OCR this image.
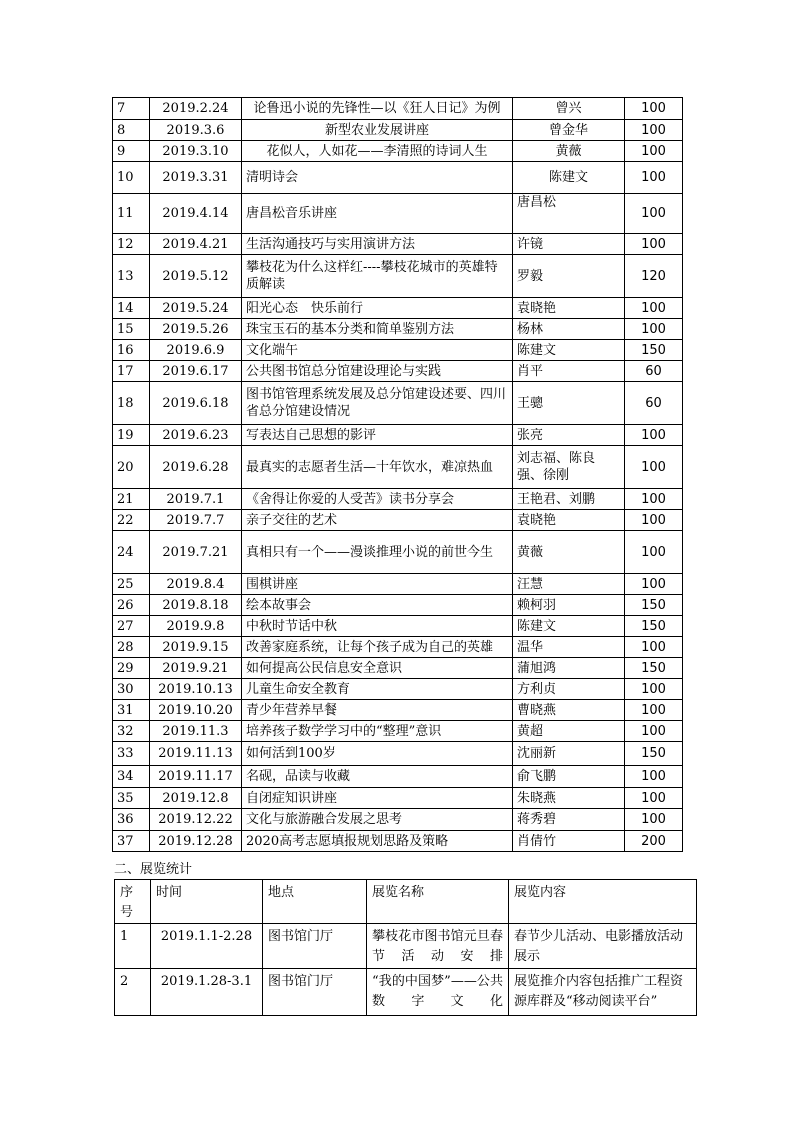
7	2019.2.24	论鲁迅小说的先锋性—以《狂人日记》为例	曾兴	100
8	2019.3.6	新型农业发展讲座	曾金华	100
9	2019.3.10	花似人，人如花——李清照的诗词人生	黄薇	100
10	2019.3.31	清明诗会	陈建文	100
11	2019.4.14	唐昌松音乐讲座	唐昌松	100
12	2019.4.21	生活沟通技巧与实用演讲方法	许镜	100
13	2019.5.12	攀枝花为什么这样红----攀枝花城市的英雄特质解读	罗毅	120
14	2019.5.24	阳光心态　快乐前行	袁晓艳	100
15	2019.5.26	珠宝玉石的基本分类和简单鉴别方法	杨林	100
16	2019.6.9	文化端午	陈建文	150
17	2019.6.17	公共图书馆总分馆建设理论与实践	肖平	60
18	2019.6.18	图书馆管理系统发展及总分馆建设述要、四川省总分馆建设情况	王骢	60
19	2019.6.23	写表达自己思想的影评	张亮	100
20	2019.6.28	最真实的志愿者生活—十年饮水，难凉热血	刘志福、陈良强、徐刚	100
21	2019.7.1	《舍得让你爱的人受苦》读书分享会	王艳君、刘鹏	100
22	2019.7.7	亲子交往的艺术	袁晓艳	100
24	2019.7.21	真相只有一个——漫谈推理小说的前世今生	黄薇	100
25	2019.8.4	围棋讲座	汪慧	100
26	2019.8.18	绘本故事会	赖柯羽	150
27	2019.9.8	中秋时节话中秋	陈建文	150
28	2019.9.15	改善家庭系统，让每个孩子成为自己的英雄	温华	100
29	2019.9.21	如何提高公民信息安全意识	蒲旭鸿	150
30	2019.10.13	儿童生命安全教育	方利贞	100
31	2019.10.20	青少年营养早餐	曹晓燕	100
32	2019.11.3	培养孩子数学学习中的“整理”意识	黄超	100
33	2019.11.13	如何活到100岁	沈丽新	150
34	2019.11.17	名砚，品读与收藏	俞飞鹏	100
35	2019.12.8	自闭症知识讲座	朱晓燕	100
36	2019.12.22	文化与旅游融合发展之思考	蒋秀碧	100
37	2019.12.28	2020高考志愿填报规划思路及策略	肖倩竹	200
二、展览统计
序号	时间	地点	展览名称	展览内容
1	2019.1.1-2.28	图书馆门厅	攀枝花市图书馆元旦春节活动安排	春节少儿活动、电影播放活动展示
2	2019.1.28-3.1	图书馆门厅	“我的中国梦”——公共数字文化	展览推介内容包括推广工程资源库群及“移动阅读平台”
